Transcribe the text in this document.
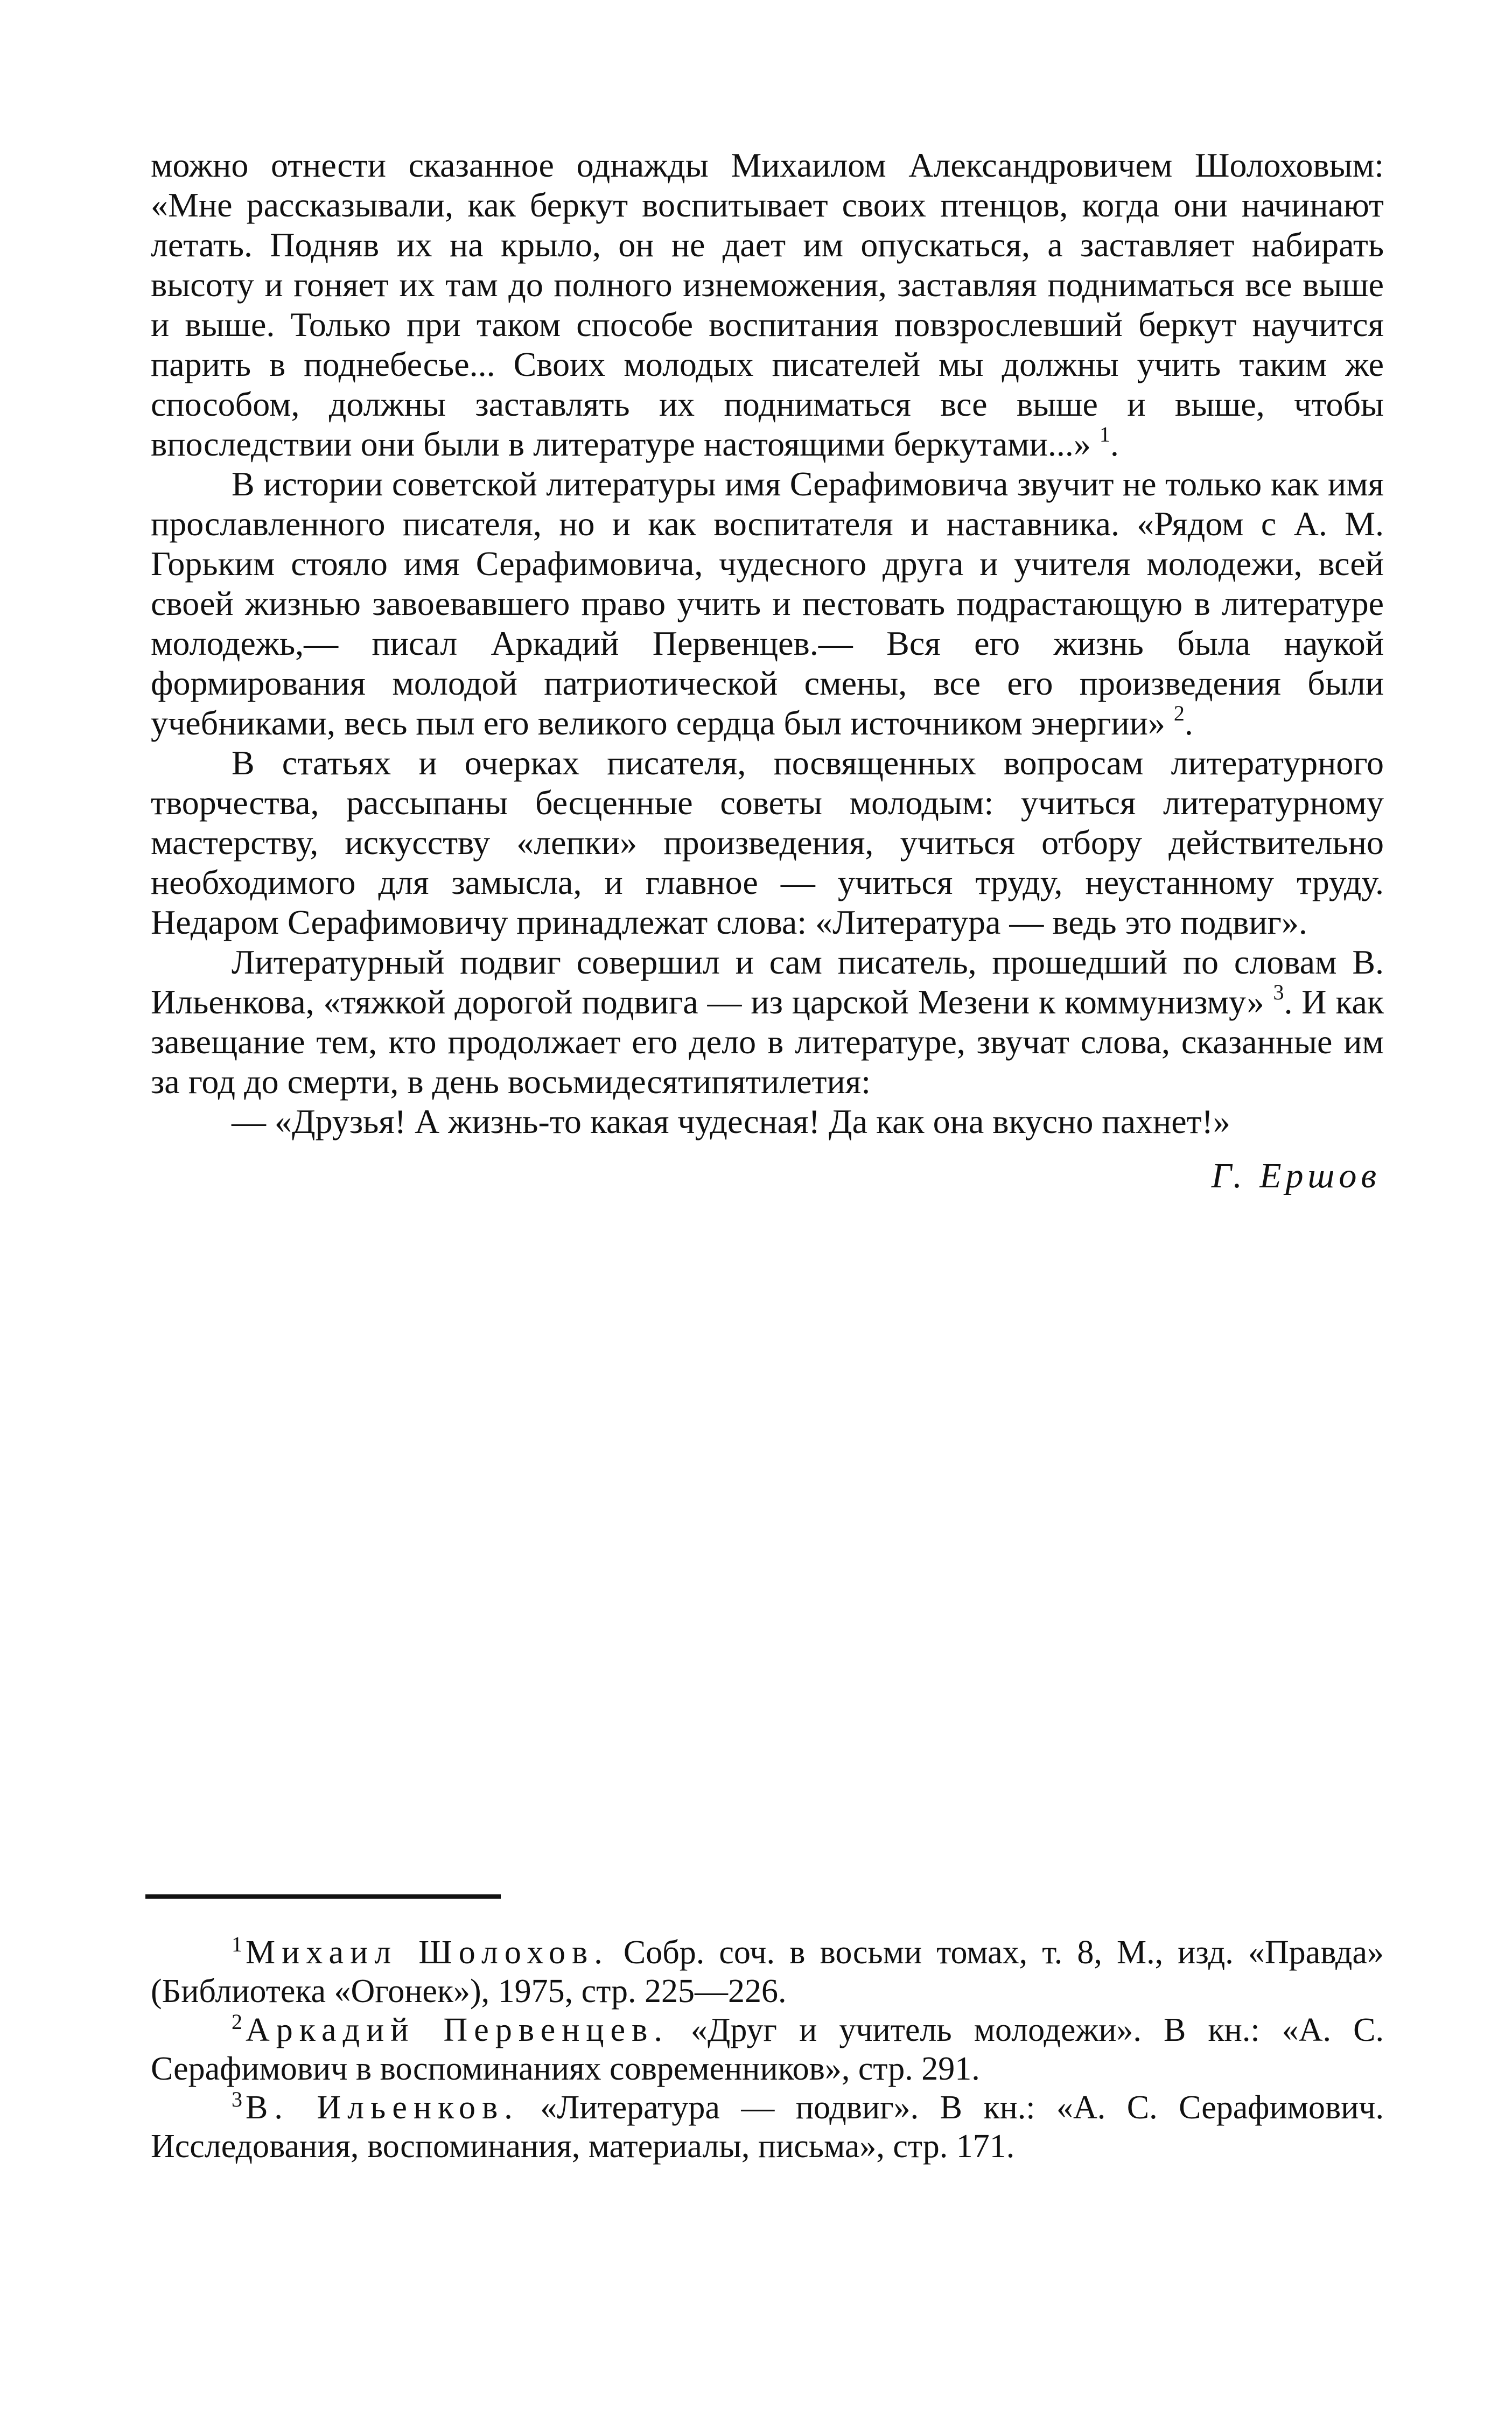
можно отнести сказанное однажды Михаилом Александровичем Шолоховым: «Мне рассказывали, как беркут воспитывает своих птенцов, когда они начинают летать. Подняв их на крыло, он не дает им опускаться, а заставляет набирать высоту и гоняет их там до полного изнеможения, заставляя подниматься все выше и выше. Только при таком способе воспитания повзрослевший беркут научится парить в поднебесье... Своих молодых писателей мы должны учить таким же способом, должны заставлять их подниматься все выше и выше, чтобы впоследствии они были в литературе настоящими беркутами...» $^1$.

В истории советской литературы имя Серафимовича звучит не только как имя прославленного писателя, но и как воспитателя и наставника. «Рядом с А. М. Горьким стояло имя Серафимовича, чудесного друга и учителя молодежи, всей своей жизнью завоевавшего право учить и пестовать подрастающую в литературе молодежь,— писал Аркадий Первенцев.— Вся его жизнь была наукой формирования молодой патриотической смены, все его произведения были учебниками, весь пыл его великого сердца был источником энергии» $^2$.

В статьях и очерках писателя, посвященных вопросам литературного творчества, рассыпаны бесценные советы молодым: учиться литературному мастерству, искусству «лепки» произведения, учиться отбору действительно необходимого для замысла, и главное — учиться труду, неустанному труду. Недаром Серафимовичу принадлежат слова: «Литература — ведь это подвиг».

Литературный подвиг совершил и сам писатель, прошедший по словам В. Ильенкова, «тяжкой дорогой подвига — из царской Мезени к коммунизму» $^3$. И как завещание тем, кто продолжает его дело в литературе, звучат слова, сказанные им за год до смерти, в день восьмидесятипятилетия:

— «Друзья! А жизнь-то какая чудесная! Да как она вкусно пахнет!»

Г. Ершов

$^1$Михаил Шолохов. Собр. соч. в восьми томах, т. 8, М., изд. «Правда» (Библиотека «Огонек»), 1975, стр. 225—226.

$^2$Аркадий Первенцев. «Друг и учитель молодежи». В кн.: «А. С. Серафимович в воспоминаниях современников», стр. 291.

$^3$В. Ильенков. «Литература — подвиг». В кн.: «А. С. Серафимович. Исследования, воспоминания, материалы, письма», стр. 171.
